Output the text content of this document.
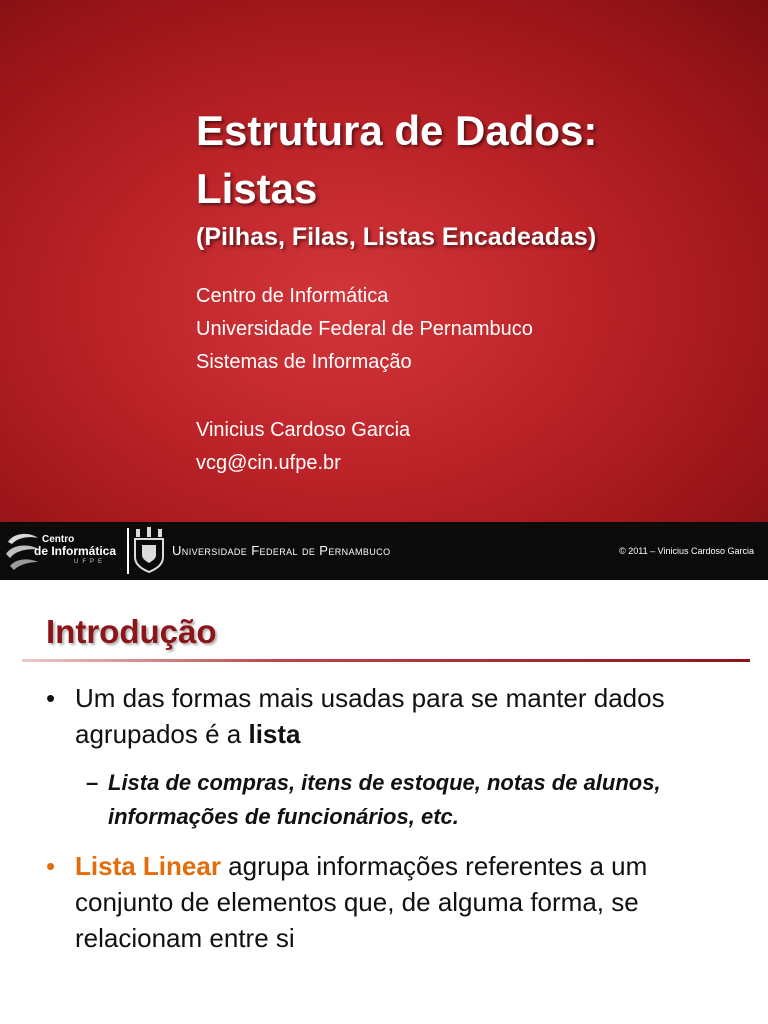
Estrutura de Dados:
Listas
(Pilhas, Filas, Listas Encadeadas)
Centro de Informática
Universidade Federal de Pernambuco
Sistemas de Informação
Vinicius Cardoso Garcia
vcg@cin.ufpe.br
Centro
de Informática
UFPE
Universidade Federal de Pernambuco	© 2011 – Vinicius Cardoso Garcia
Introdução
• Um das formas mais usadas para se manter dados agrupados é a lista
– Lista de compras, itens de estoque, notas de alunos, informações de funcionários, etc.
• Lista Linear agrupa informações referentes a um conjunto de elementos que, de alguma forma, se relacionam entre si
